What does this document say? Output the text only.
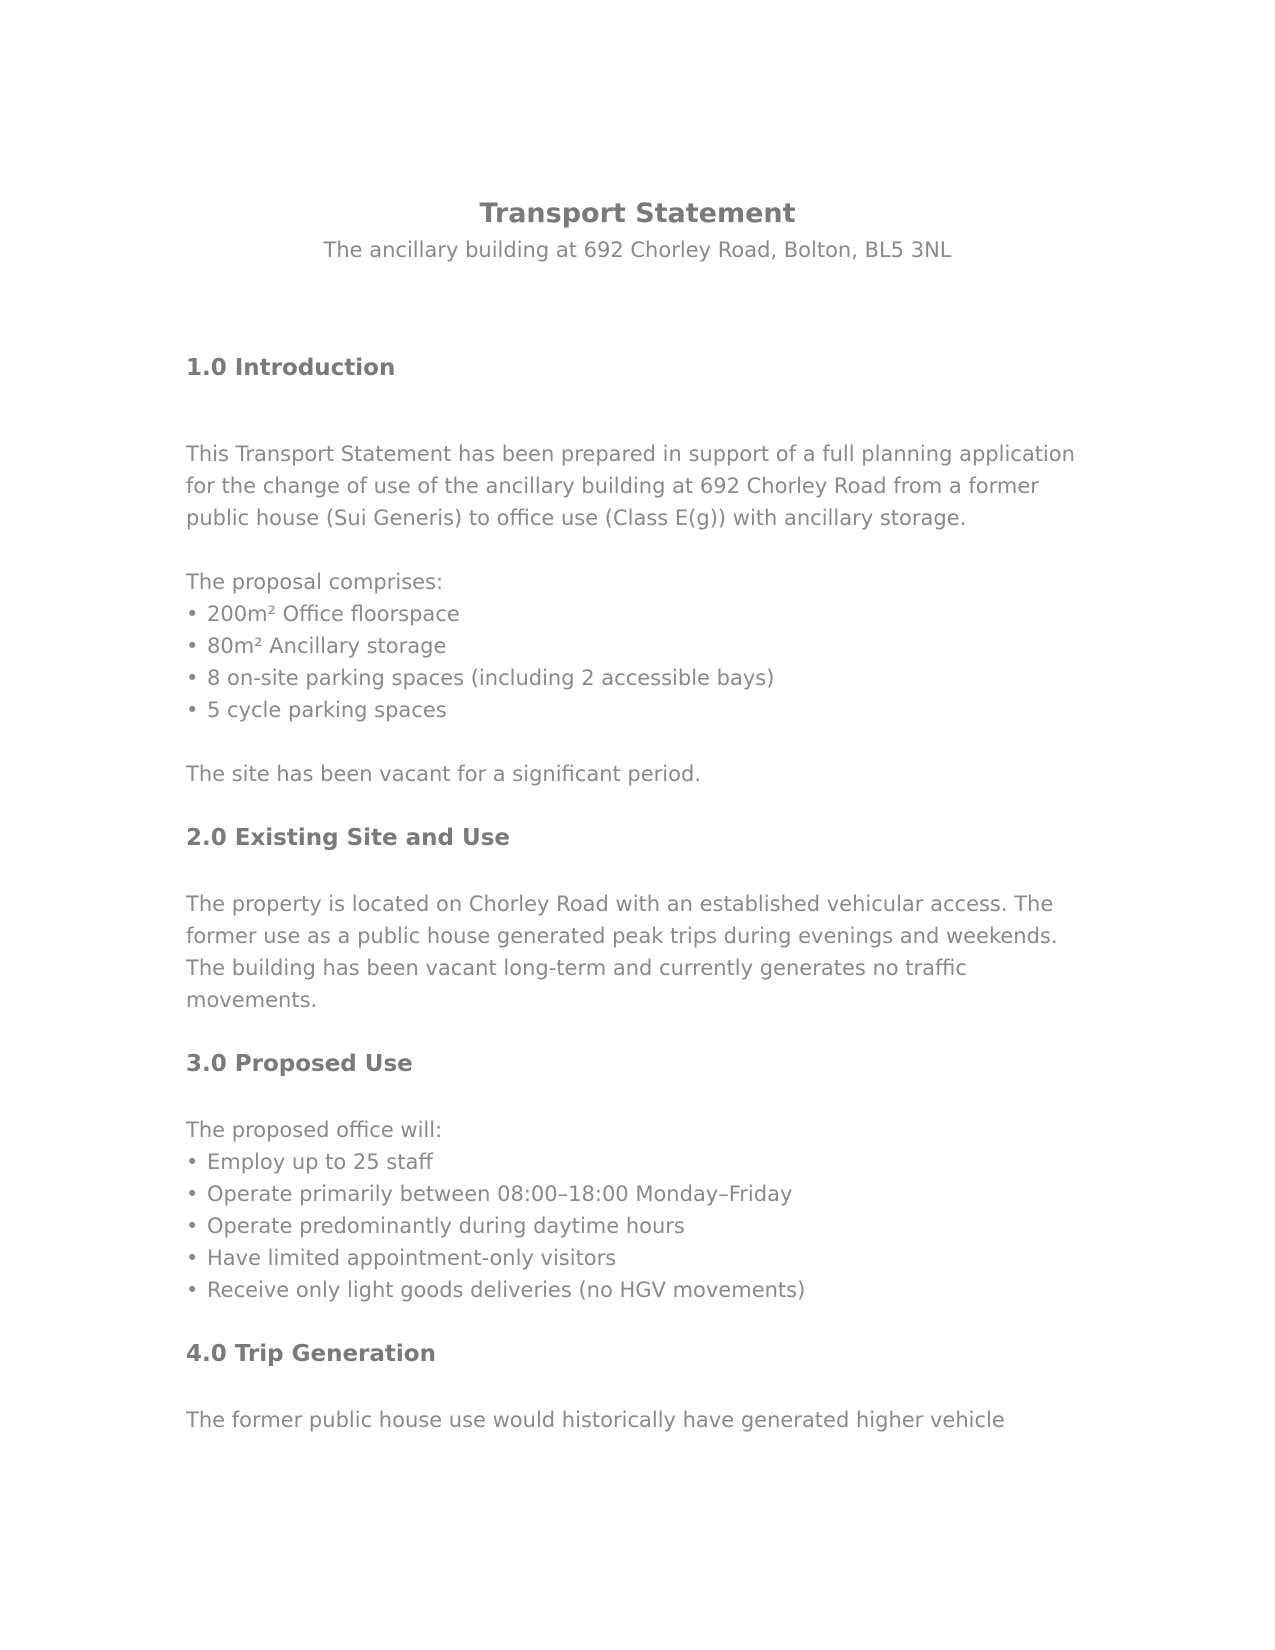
Transport Statement

The ancillary building at 692 Chorley Road, Bolton, BL5 3NL

1.0 Introduction

This Transport Statement has been prepared in support of a full planning application for the change of use of the ancillary building at 692 Chorley Road from a former public house (Sui Generis) to office use (Class E(g)) with ancillary storage.

The proposal comprises:

• 200m² Office floorspace
• 80m² Ancillary storage
• 8 on-site parking spaces (including 2 accessible bays)
• 5 cycle parking spaces

The site has been vacant for a significant period.

2.0 Existing Site and Use

The property is located on Chorley Road with an established vehicular access. The former use as a public house generated peak trips during evenings and weekends. The building has been vacant long-term and currently generates no traffic movements.

3.0 Proposed Use

The proposed office will:

• Employ up to 25 staff
• Operate primarily between 08:00–18:00 Monday–Friday
• Operate predominantly during daytime hours
• Have limited appointment-only visitors
• Receive only light goods deliveries (no HGV movements)
4.0 Trip Generation

The former public house use would historically have generated higher vehicle
